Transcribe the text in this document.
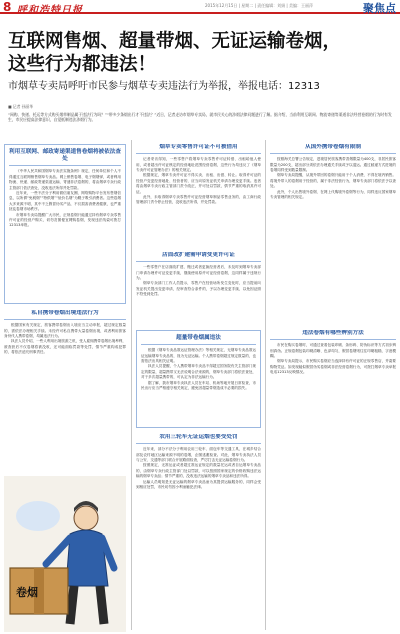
8 呼和浩特日报	2015年12月15日 | 星期二 | 责任编辑：刘娟 | 美编：王丽萍	聚焦点
互联网售烟、超量带烟、无证运输卷烟，
这些行为都违法！
市烟草专卖局呼吁市民参与烟草专卖违法行为举报，举报电话：12313
■ 记者 孙丽华
“网购、快递、托运等方式购买烟草制品属于违法行为吗？”“带多少条烟出行才不违法？”近日，记者走访市烟草专卖局，就市民关心的涉烟法律问题进行了解。据介绍，当前利用互联网、物流寄递等渠道非法经营卷烟的行为时有发生，市民应提高法律意识，自觉抵制违法涉烟行为。
利用互联网、邮政寄递渠道售卷烟将被依法查处

《中华人民共和国烟草专卖法实施条例》规定，任何单位和个人不得通过互联网销售烟草专卖品。网上销售卷烟、电子烟烟弹，或者利用物流、快递、邮政寄递渠道运输、寄递非法卷烟的，将由烟草专卖行政主管部门依法查处，没收违法所得并处罚款。

近年来，一些不法分子利用微信朋友圈、网络购物平台发布售烟信息，以所谓“免税烟”“特供烟”“低价名烟”为幌子吸引消费者。这些卷烟大多来源不明，其中不乏假冒伪劣产品，不仅损害消费者健康，也严重扰乱卷烟市场秩序。

市烟草专卖局提醒广大市民，正规卷烟只能通过持有烟草专卖零售许可证的经营户购买，切勿贪图便宜网购卷烟，发现违法线索可拨打12313举报。

私自携带卷烟出境违法行为

根据国家有关规定，旅客携带卷烟出入境应当主动申报，超过规定数量的，需依法办理相关手续。未经许可私自携带大量卷烟出境，或者利用旅客身份代人携带卷烟，均属违法行为。

执法人员介绍，一些人利用出境旅游之机，受人雇佣携带卷烟出境牟利，被查获后不仅卷烟将被没收，还可能面临罚款等处罚，情节严重构成犯罪的，将依法追究刑事责任。

卷烟
烟草专卖零售许可证不可被借用

记者采访得知，一些零售户将烟草专卖零售许可证转借、出租给他人使用，或者超出许可证核定的经营地址范围经营卷烟，这些行为均违反了《烟草专卖许可证管理办法》的相关规定。

根据规定，烟草专卖许可证不得买卖、出租、出借、转让。取得许可证的经营户变更经营地址、经营者的，应当向原发证机关申请办理变更手续。违者将由烟草专卖行政主管部门责令改正，并可处以罚款，情节严重的取消其许可证。

此外，未取得烟草专卖零售许可证经营烟草制品零售业务的，由工商行政管理部门责令停止经营，没收违法所得，并处罚款。

店面改扩建需申请变更许可证

一些零售户在店面改扩建、搬迁或者更换经营者后，未及时到烟草专卖部门申请办理许可证变更手续，继续使用原许可证经营卷烟，这同样属于违规行为。

烟草专卖部门工作人员提示，零售户在经营场所发生变化时，应当提前向发证机关提出变更申请，经审查符合条件的，予以办理变更手续，以免因证照不符受到处罚。

超量带卷烟属违法

根据《烟草专卖品准运证管理办法》等相关规定，无烟草专卖品准运证运输烟草专卖品的，视为无证运输。个人携带卷烟超过规定数量的，也需依法出具相关证明。

执法人员提醒，个人携带烟草专卖品不得超过国务院有关主管部门规定的限量，超量携带又无法说明合法来源的，烟草专卖部门将依法查处，对于多次超量携带的，可认定为非法运输行为。

据了解，我市烟草专卖执法人员在车站、机场等地开展日常检查，市民出行应当严格遵守相关规定，避免因超量带烟造成不必要的损失。

农用三轮车无证运烟也要受处罚

近年来，部分不法分子利用农用三轮车、面包车等交通工具，在城乡结合部及农村地区运输来源不明的卷烟，企图逃避检查。对此，烟草专卖执法人员与公安、交通等部门联合开展路面检查，严厉打击无证运输卷烟行为。

按照规定，无准运证或者超过准运证规定的数量托运或者自运烟草专卖品的，由烟草专卖行政主管部门处以罚款，可以按照国家规定的价格收购违法运输的烟草专卖品；情节严重的，没收违法运输的烟草专卖品和违法所得。

运输人员明知是无证运输的烟草专卖品而为其提供运输服务的，同样会受到相应处罚，市民切勿因小利而触犯法律。

从国外携带卷烟有限制

按照海关总署公告规定，进境居民旅客携带香烟限量为400支，非居民旅客限量为200支，超出部分须依法办理通关手续或予以退运。通过邮递方式进境的卷烟同样受到数量限制。

烟草专卖局提醒，从境外带回的卷烟只能用于个人消费，不得在境内销售。将境外带入的卷烟用于经营的，属于非法经营行为，烟草专卖部门将依法予以查处。

此外，个人出售境外卷烟、在网上代购境外卷烟等行为，同样违反国家烟草专卖管理的相关规定。

违法卷烟有哪些辨别方法

市民在购买卷烟时，可通过查看包装印刷、条形码、防伪标识等方式初步辨别真伪。正规卷烟包装印刷清晰、色泽均匀，假冒卷烟则往往印刷粗糙、字迹模糊。

烟草专卖局提示，市民购买卷烟应当选择持有许可证的正规零售店，并索要购物凭证。如发现疑似假冒伪劣卷烟或非法经营卷烟行为，可拨打烟草专卖举报电话12313反映情况。
